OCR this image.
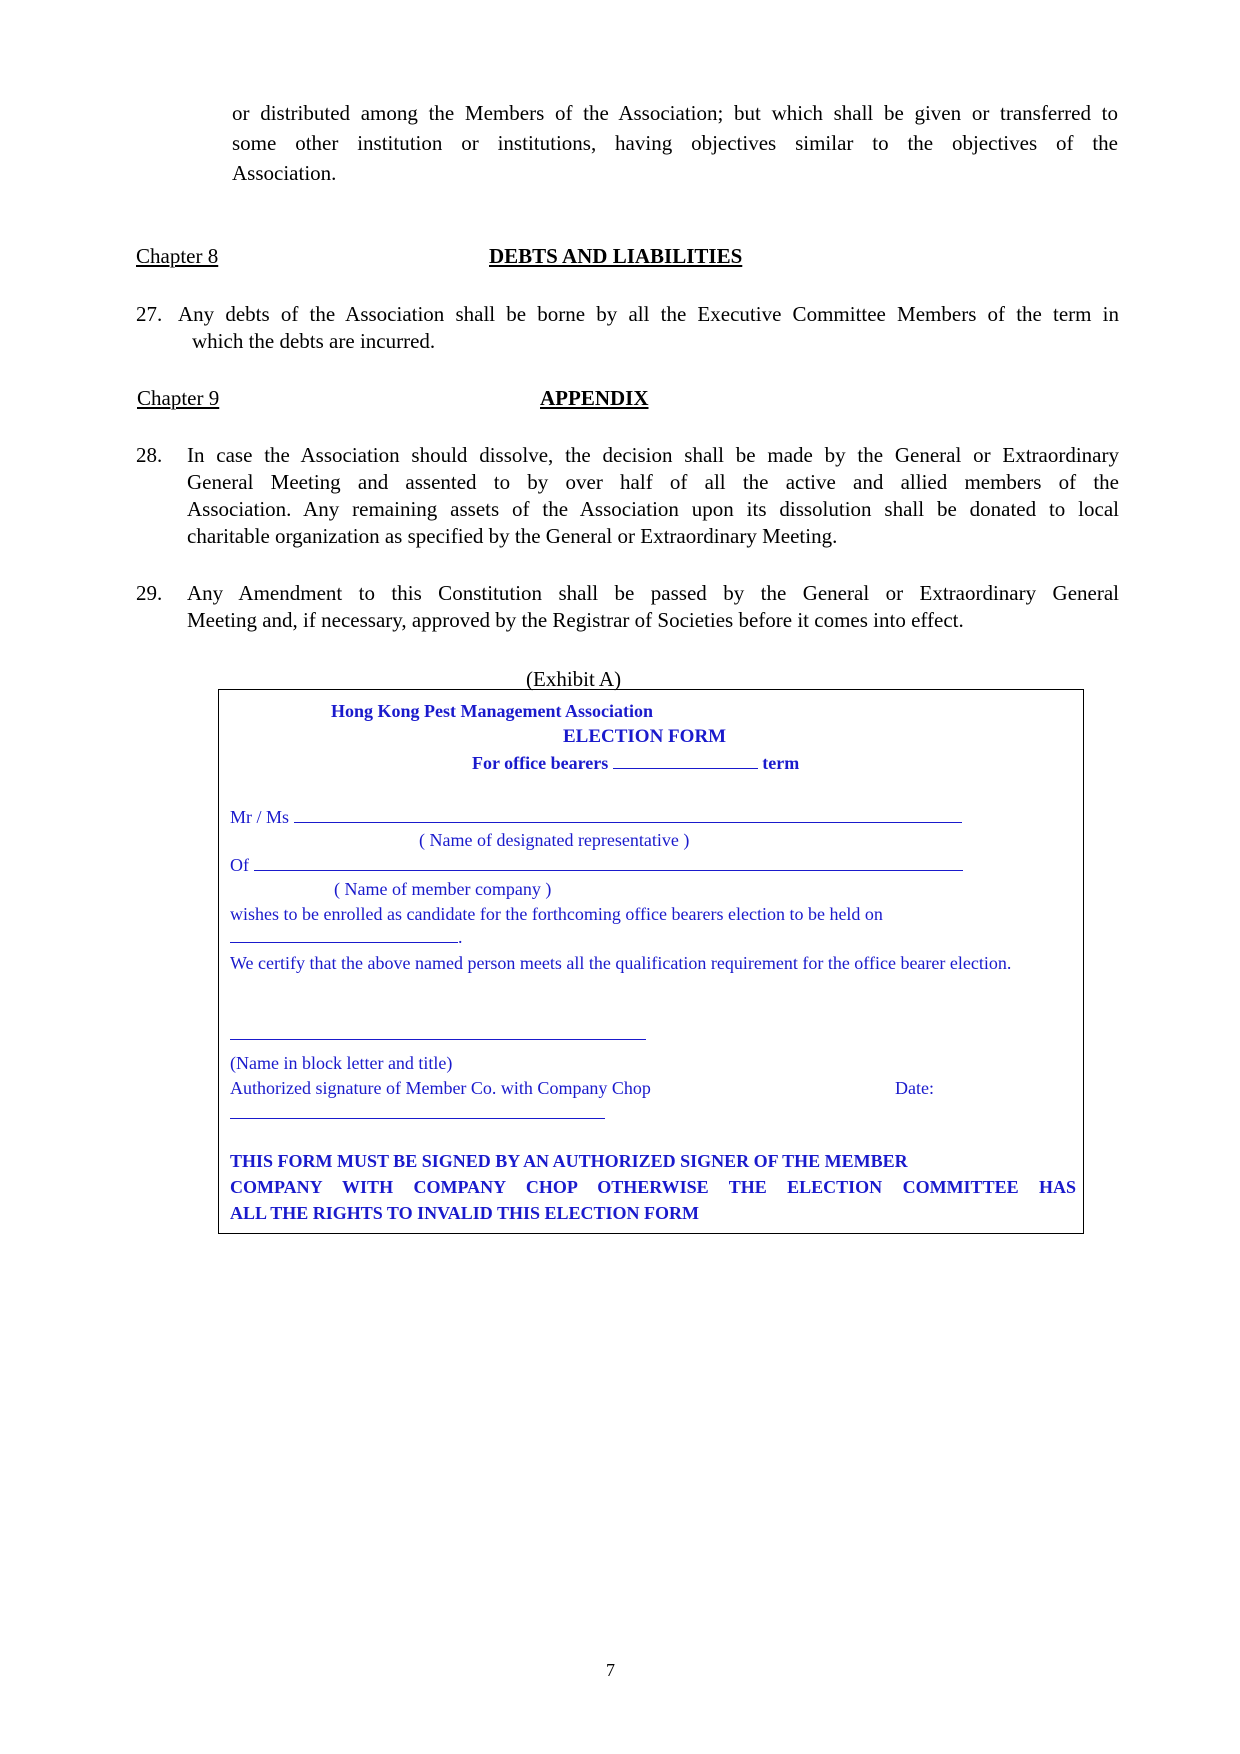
or distributed among the Members of the Association; but which shall be given or transferred to
some other institution or institutions, having objectives similar to the objectives of the
Association.
Chapter 8	DEBTS AND LIABILITIES
27. Any debts of the Association shall be borne by all the Executive Committee Members of the term in
which the debts are incurred.
Chapter 9	APPENDIX
28. In case the Association should dissolve, the decision shall be made by the General or Extraordinary
General Meeting and assented to by over half of all the active and allied members of the
Association. Any remaining assets of the Association upon its dissolution shall be donated to local
charitable organization as specified by the General or Extraordinary Meeting.
29. Any Amendment to this Constitution shall be passed by the General or Extraordinary General
Meeting and, if necessary, approved by the Registrar of Societies before it comes into effect.
(Exhibit A)
Hong Kong Pest Management Association
ELECTION FORM
For office bearers	term
Mr / Ms
( Name of designated representative )
Of
( Name of member company )
wishes to be enrolled as candidate for the forthcoming office bearers election to be held on
.
We certify that the above named person meets all the qualification requirement for the office bearer election.
(Name in block letter and title)
Authorized signature of Member Co. with Company Chop	Date:
THIS FORM MUST BE SIGNED BY AN AUTHORIZED SIGNER OF THE MEMBER
COMPANY WITH COMPANY CHOP OTHERWISE THE ELECTION COMMITTEE HAS
ALL THE RIGHTS TO INVALID THIS ELECTION FORM
7
